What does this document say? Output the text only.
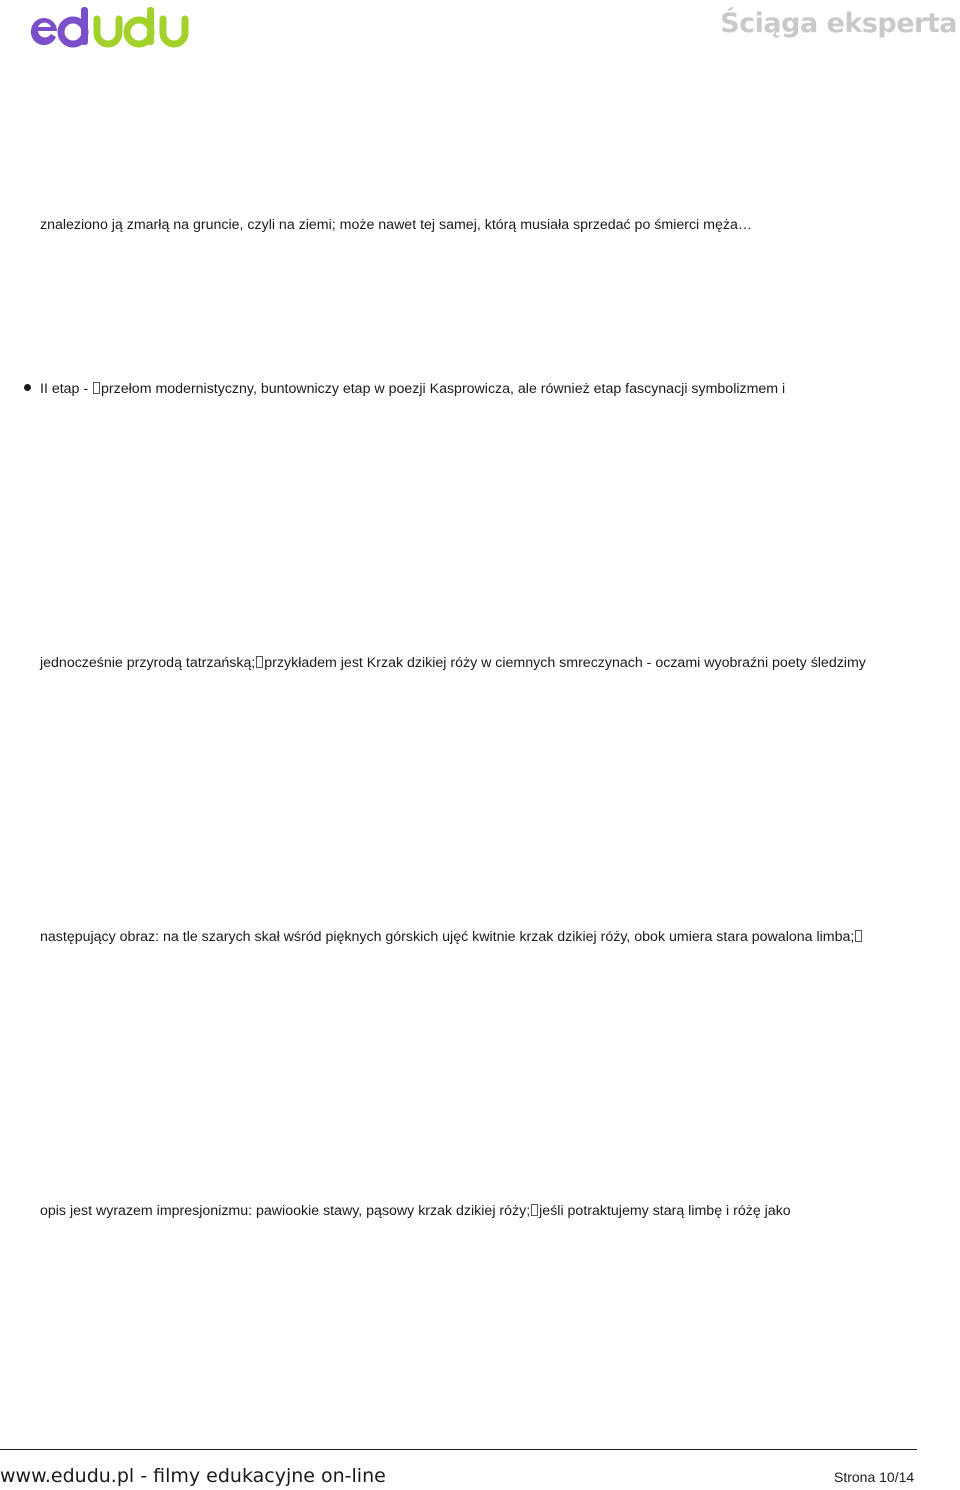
Ściąga eksperta
znaleziono ją zmarłą na gruncie, czyli na ziemi; może nawet tej samej, którą musiała sprzedać po śmierci męża…
II etap - przełom modernistyczny, buntowniczy etap w poezji Kasprowicza, ale również etap fascynacji symbolizmem i
jednocześnie przyrodą tatrzańską; przykładem jest Krzak dzikiej róży w ciemnych smreczynach - oczami wyobraźni poety śledzimy
następujący obraz: na tle szarych skał wśród pięknych górskich ujęć kwitnie krzak dzikiej róży, obok umiera stara powalona limba;
opis jest wyrazem impresjonizmu: pawiookie stawy, pąsowy krzak dzikiej róży; jeśli potraktujemy starą limbę i różę jako
www.edudu.pl - filmy edukacyjne on-line	Strona 10/14
